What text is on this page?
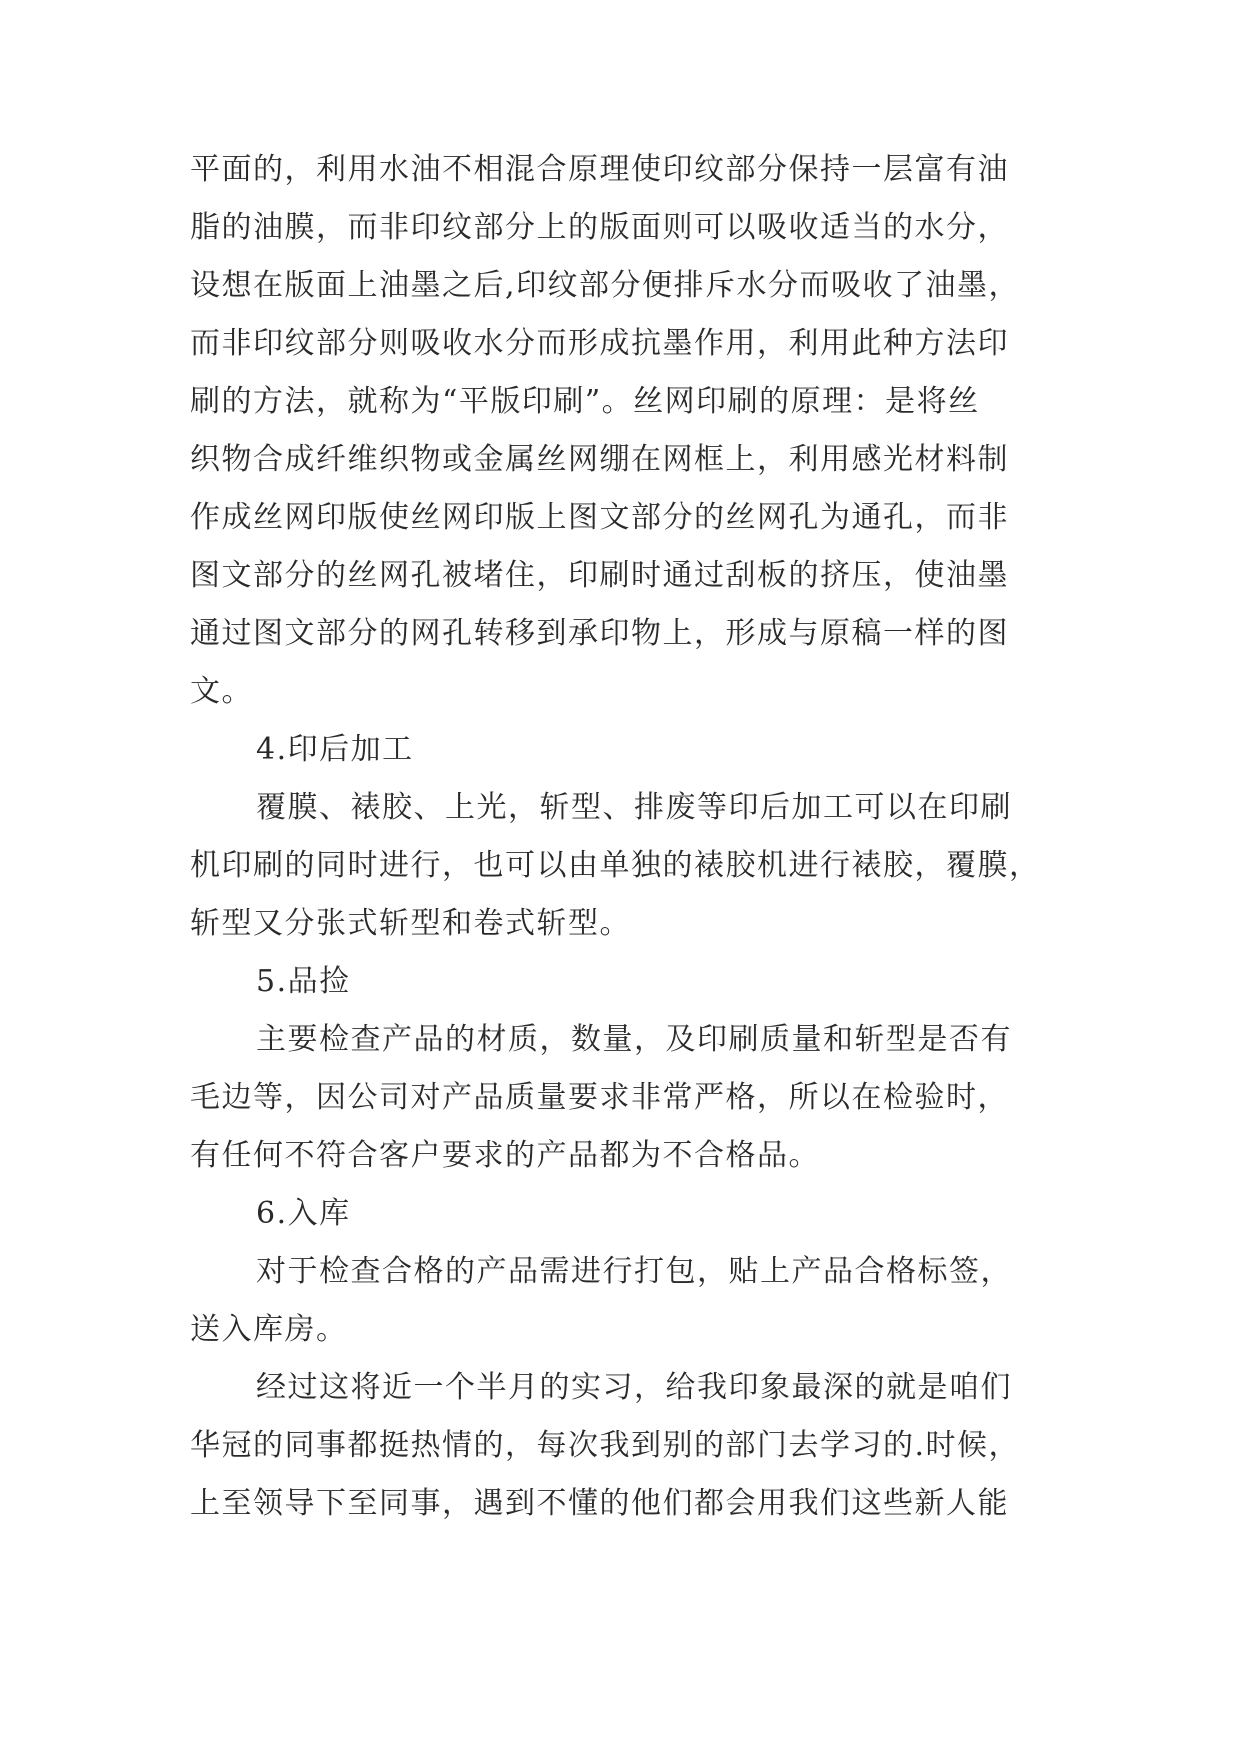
平面的，利用水油不相混合原理使印纹部分保持一层富有油
脂的油膜，而非印纹部分上的版面则可以吸收适当的水分，
设想在版面上油墨之后,印纹部分便排斥水分而吸收了油墨，
而非印纹部分则吸收水分而形成抗墨作用，利用此种方法印
刷的方法，就称为“平版印刷”。丝网印刷的原理：是将丝
织物合成纤维织物或金属丝网绷在网框上，利用感光材料制
作成丝网印版使丝网印版上图文部分的丝网孔为通孔，而非
图文部分的丝网孔被堵住，印刷时通过刮板的挤压，使油墨
通过图文部分的网孔转移到承印物上，形成与原稿一样的图
文。
4.印后加工
覆膜、裱胶、上光，斩型、排废等印后加工可以在印刷
机印刷的同时进行，也可以由单独的裱胶机进行裱胶，覆膜，
斩型又分张式斩型和卷式斩型。
5.品捡
主要检查产品的材质，数量，及印刷质量和斩型是否有
毛边等，因公司对产品质量要求非常严格，所以在检验时，
有任何不符合客户要求的产品都为不合格品。
6.入库
对于检查合格的产品需进行打包，贴上产品合格标签，
送入库房。
经过这将近一个半月的实习，给我印象最深的就是咱们
华冠的同事都挺热情的，每次我到别的部门去学习的.时候，
上至领导下至同事，遇到不懂的他们都会用我们这些新人能
